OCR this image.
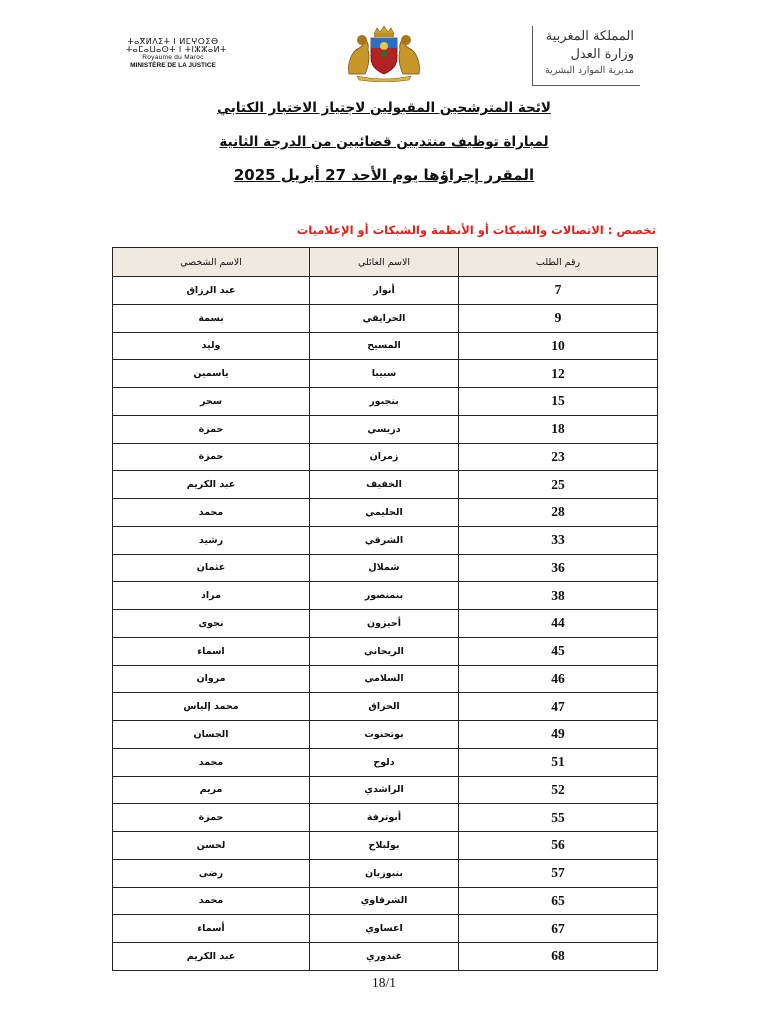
ⵜⴰⴳⵍⴷⵉⵜ ⵏ ⵍⵎⵖⵔⵉⴱ
ⵜⴰⵎⴰⵡⴰⵙⵜ ⵏ ⵜⵏⵣⵣⴰⵍⵜ
Royaume du Maroc
MINISTÈRE DE LA JUSTICE
المملكة المغربية
وزارة العدل
مديرية الموارد البشرية
لائحة المترشحين المقبولين لاجتياز الاختبار الكتابي
لمباراة توظيف منتدبين قضائيين من الدرجة الثانية
المقرر إجراؤها يوم الأحد 27 أبريل 2025
تخصص : الاتصالات والشبكات أو الأنظمة والشبكات أو الإعلاميات
رقم الطلب	الاسم العائلي	الاسم الشخصي
7	أنوار	عبد الرزاق
9	الحرايقي	بسمة
10	المسيح	وليد
12	سبيبا	ياسمين
15	بنجبور	سحر
18	دريسي	حمزة
23	زمران	حمزة
25	الخفيف	عبد الكريم
28	الحليمي	محمد
33	الشرقي	رشيد
36	شملال	عثمان
38	بنمنصور	مراد
44	أحيزون	نجوى
45	الريحاني	اسماء
46	السلامي	مروان
47	الحراق	محمد إلياس
49	بوتحنوت	الحسان
51	دلوح	محمد
52	الراشدي	مريم
55	أبوترفة	حمزة
56	بولبلاح	لحسن
57	بنبوزيان	رضى
65	الشرقاوي	محمد
67	اعساوي	أسماء
68	غندوري	عبد الكريم
18/1
